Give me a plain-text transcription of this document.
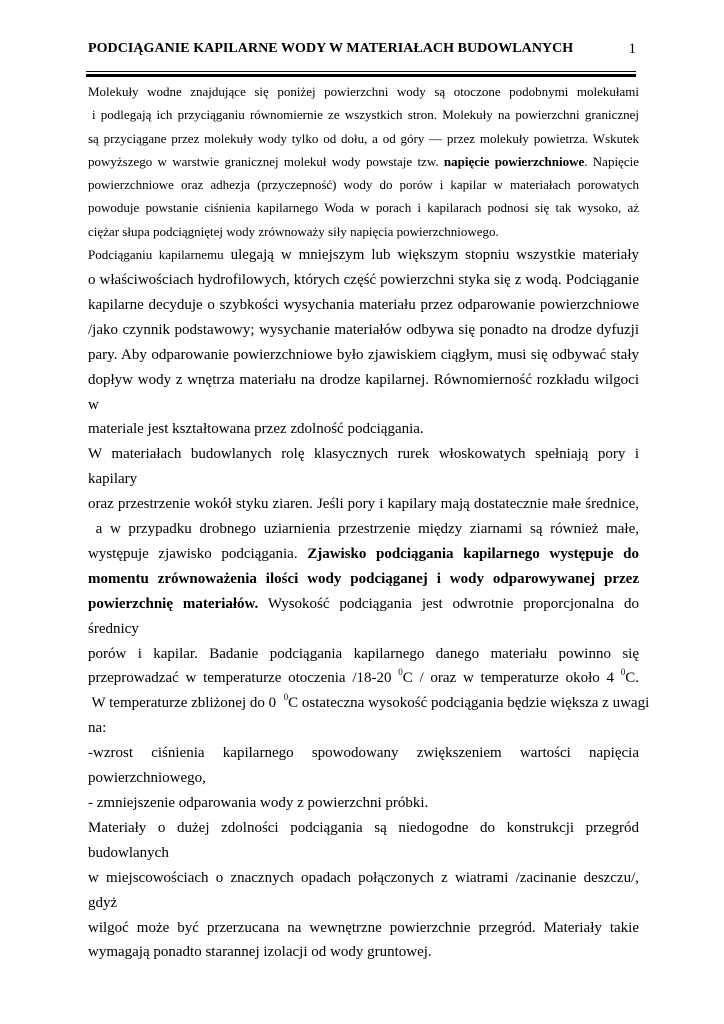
PODCIĄGANIE KAPILARNE WODY W MATERIAŁACH BUDOWLANYCH	1

Molekuły wodne znajdujące się poniżej powierzchni wody są otoczone podobnymi molekułami

i podlegają ich przyciąganiu równomiernie ze wszystkich stron. Molekuły na powierzchni granicznej

są przyciągane przez molekuły wody tylko od dołu, a od góry — przez molekuły powietrza. Wskutek

powyższego w warstwie granicznej molekuł wody powstaje tzw. napięcie powierzchniowe. Napięcie

powierzchniowe oraz adhezja (przyczepność) wody do porów i kapilar w materiałach porowatych

powoduje powstanie ciśnienia kapilarnego Woda w porach i kapilarach podnosi się tak wysoko, aż

ciężar słupa podciągniętej wody zrównoważy siły napięcia powierzchniowego.

Podciąganiu kapilarnemu ulegają w mniejszym lub większym stopniu wszystkie materiały

o właściwościach hydrofilowych, których część powierzchni styka się z wodą. Podciąganie

kapilarne decyduje o szybkości wysychania materiału przez odparowanie powierzchniowe

/jako czynnik podstawowy; wysychanie materiałów odbywa się ponadto na drodze dyfuzji

pary. Aby odparowanie powierzchniowe było zjawiskiem ciągłym, musi się odbywać stały

dopływ wody z wnętrza materiału na drodze kapilarnej. Równomierność rozkładu wilgoci w

materiale jest kształtowana przez zdolność podciągania.

W materiałach budowlanych rolę klasycznych rurek włoskowatych spełniają pory i kapilary

oraz przestrzenie wokół styku ziaren. Jeśli pory i kapilary mają dostatecznie małe średnice,

a w przypadku drobnego uziarnienia przestrzenie między ziarnami są również małe,

występuje zjawisko podciągania. Zjawisko podciągania kapilarnego występuje do

momentu zrównoważenia ilości wody podciąganej i wody odparowywanej przez

powierzchnię materiałów. Wysokość podciągania jest odwrotnie proporcjonalna do średnicy

porów i kapilar. Badanie podciągania kapilarnego danego materiału powinno się

przeprowadzać w temperaturze otoczenia /18-20 $^0$C / oraz w temperaturze około 4 $^0$C.

W temperaturze zbliżonej do 0  $^0$C ostateczna wysokość podciągania będzie większa z uwagi

na:

-wzrost ciśnienia kapilarnego spowodowany zwiększeniem wartości napięcia

powierzchniowego,

- zmniejszenie odparowania wody z powierzchni próbki.

Materiały o dużej zdolności podciągania są niedogodne do konstrukcji przegród budowlanych

w miejscowościach o znacznych opadach połączonych z wiatrami /zacinanie deszczu/, gdyż

wilgoć może być przerzucana na wewnętrzne powierzchnie przegród. Materiały takie

wymagają ponadto starannej izolacji od wody gruntowej.
